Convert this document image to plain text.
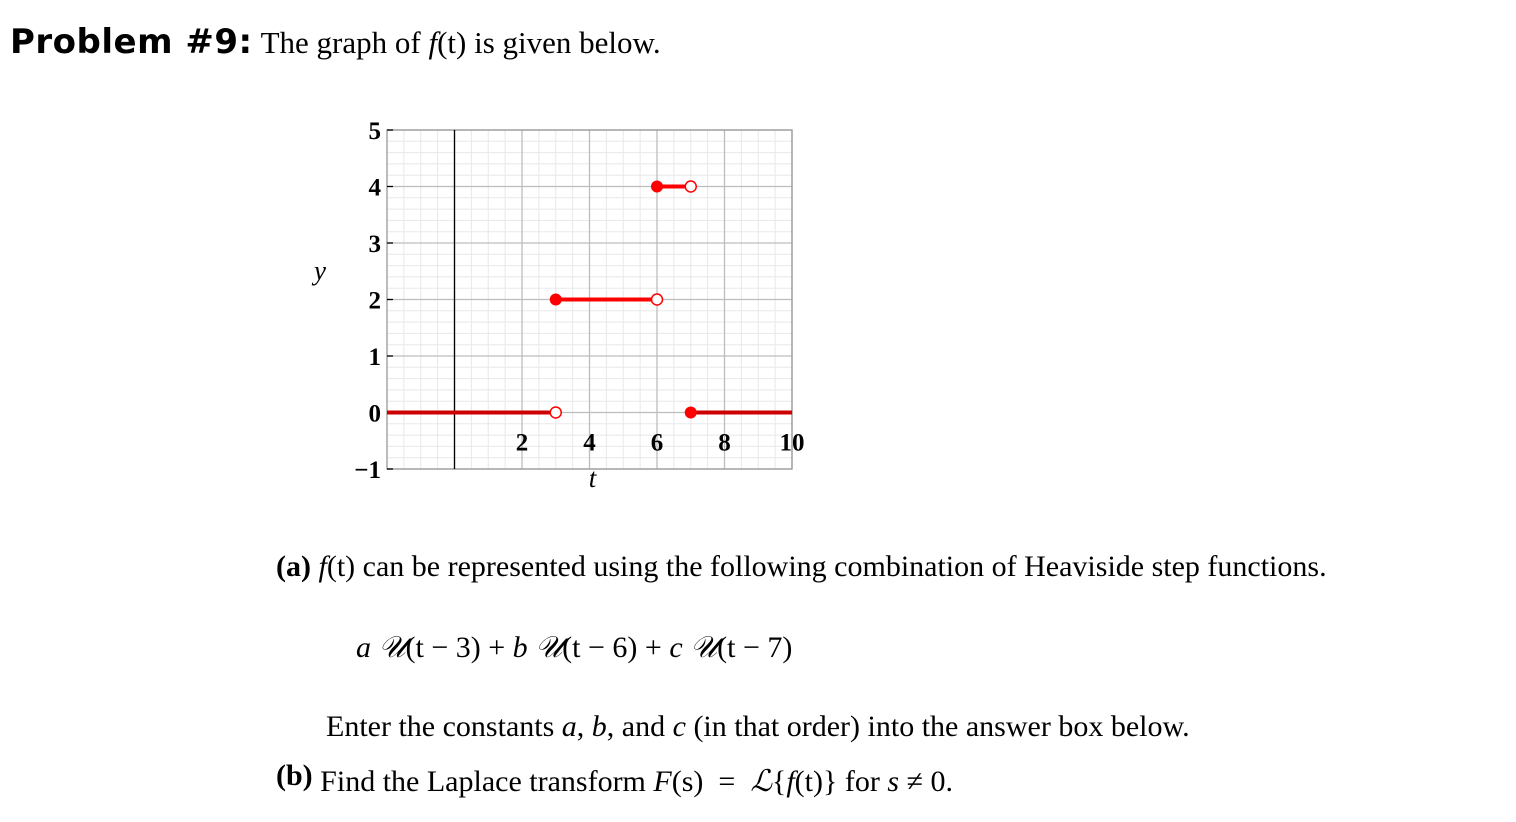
Problem #9: The graph of f(t) is given below.
−1
0
1
2
3
4
5
2 4 6 8 10
t
y
(a) f(t) can be represented using the following combination of Heaviside step functions.
a 𝒰(t − 3) + b 𝒰(t − 6) + c 𝒰(t − 7)
Enter the constants a, b, and c (in that order) into the answer box below.
(b) Find the Laplace transform F(s)  =  ℒ{f(t)} for s ≠ 0.
